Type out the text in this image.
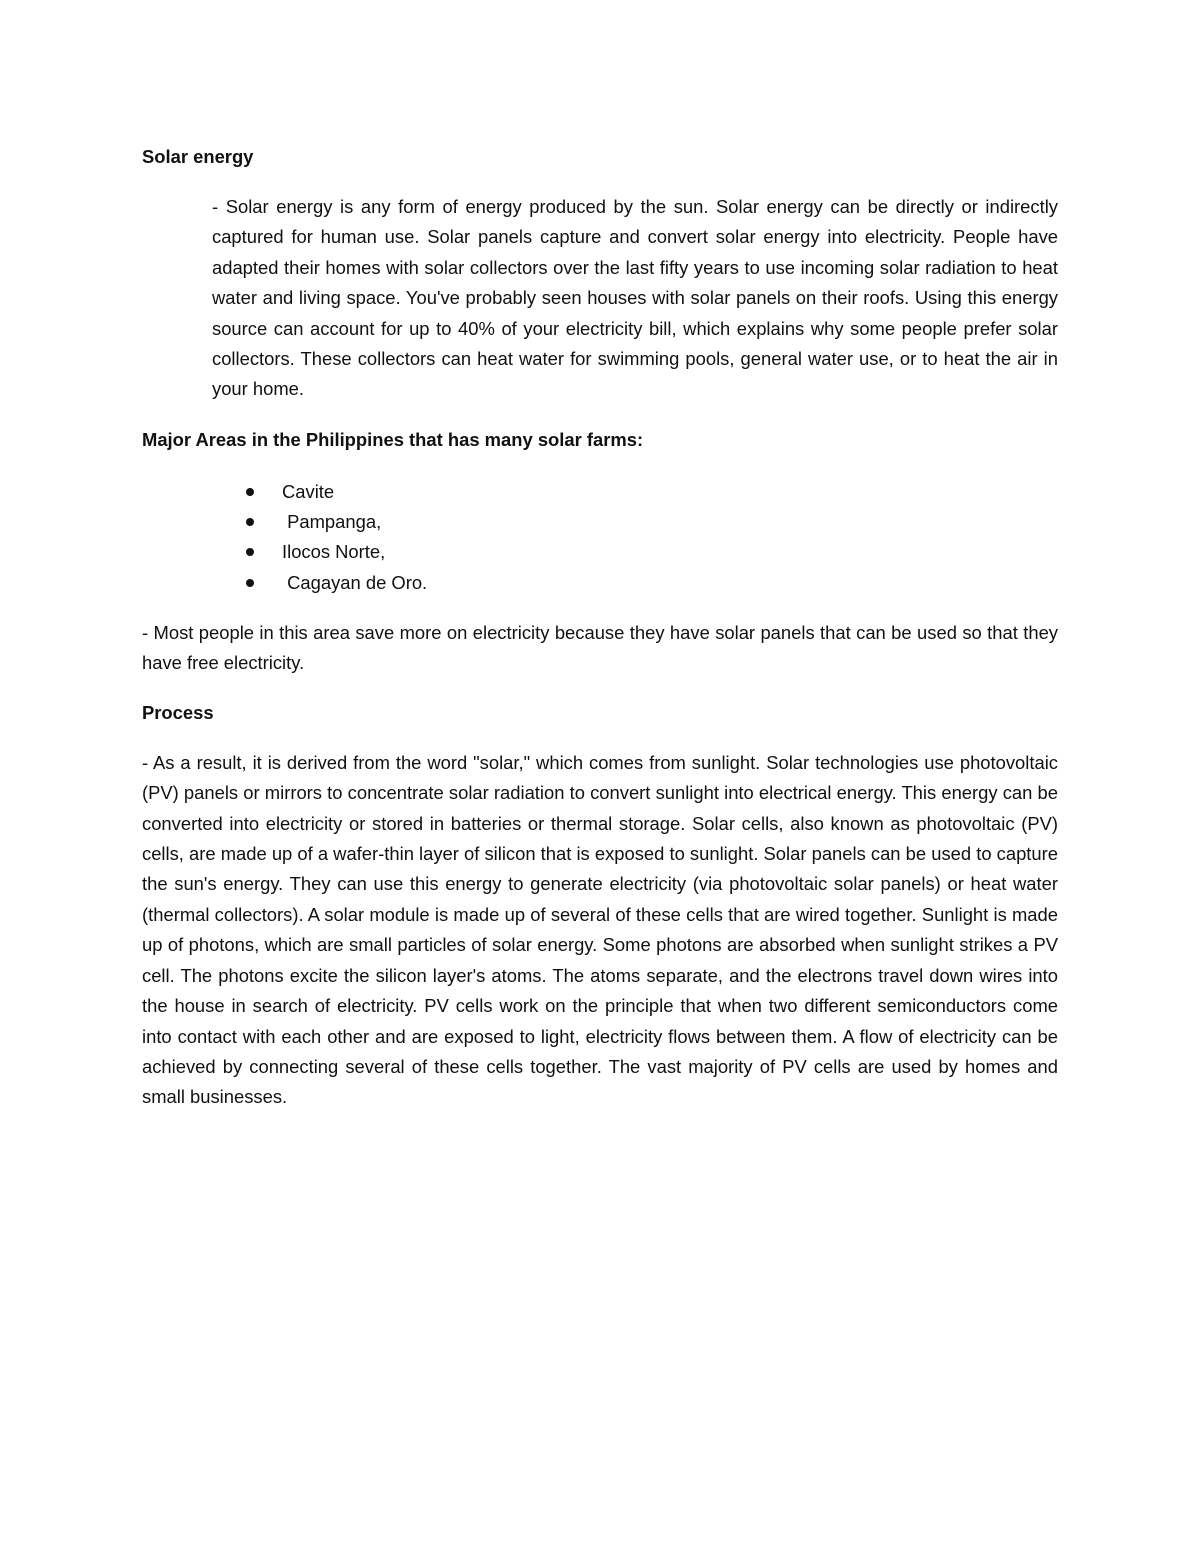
Solar energy

- Solar energy is any form of energy produced by the sun. Solar energy can be directly or indirectly captured for human use. Solar panels capture and convert solar energy into electricity. People have adapted their homes with solar collectors over the last fifty years to use incoming solar radiation to heat water and living space. You've probably seen houses with solar panels on their roofs. Using this energy source can account for up to 40% of your electricity bill, which explains why some people prefer solar collectors. These collectors can heat water for swimming pools, general water use, or to heat the air in your home.

Major Areas in the Philippines that has many solar farms:

Cavite
Pampanga,
Ilocos Norte,
Cagayan de Oro.

- Most people in this area save more on electricity because they have solar panels that can be used so that they have free electricity.

Process

- As a result, it is derived from the word "solar," which comes from sunlight. Solar technologies use photovoltaic (PV) panels or mirrors to concentrate solar radiation to convert sunlight into electrical energy. This energy can be converted into electricity or stored in batteries or thermal storage. Solar cells, also known as photovoltaic (PV) cells, are made up of a wafer-thin layer of silicon that is exposed to sunlight. Solar panels can be used to capture the sun's energy. They can use this energy to generate electricity (via photovoltaic solar panels) or heat water (thermal collectors). A solar module is made up of several of these cells that are wired together. Sunlight is made up of photons, which are small particles of solar energy. Some photons are absorbed when sunlight strikes a PV cell. The photons excite the silicon layer's atoms. The atoms separate, and the electrons travel down wires into the house in search of electricity. PV cells work on the principle that when two different semiconductors come into contact with each other and are exposed to light, electricity flows between them. A flow of electricity can be achieved by connecting several of these cells together. The vast majority of PV cells are used by homes and small businesses.
